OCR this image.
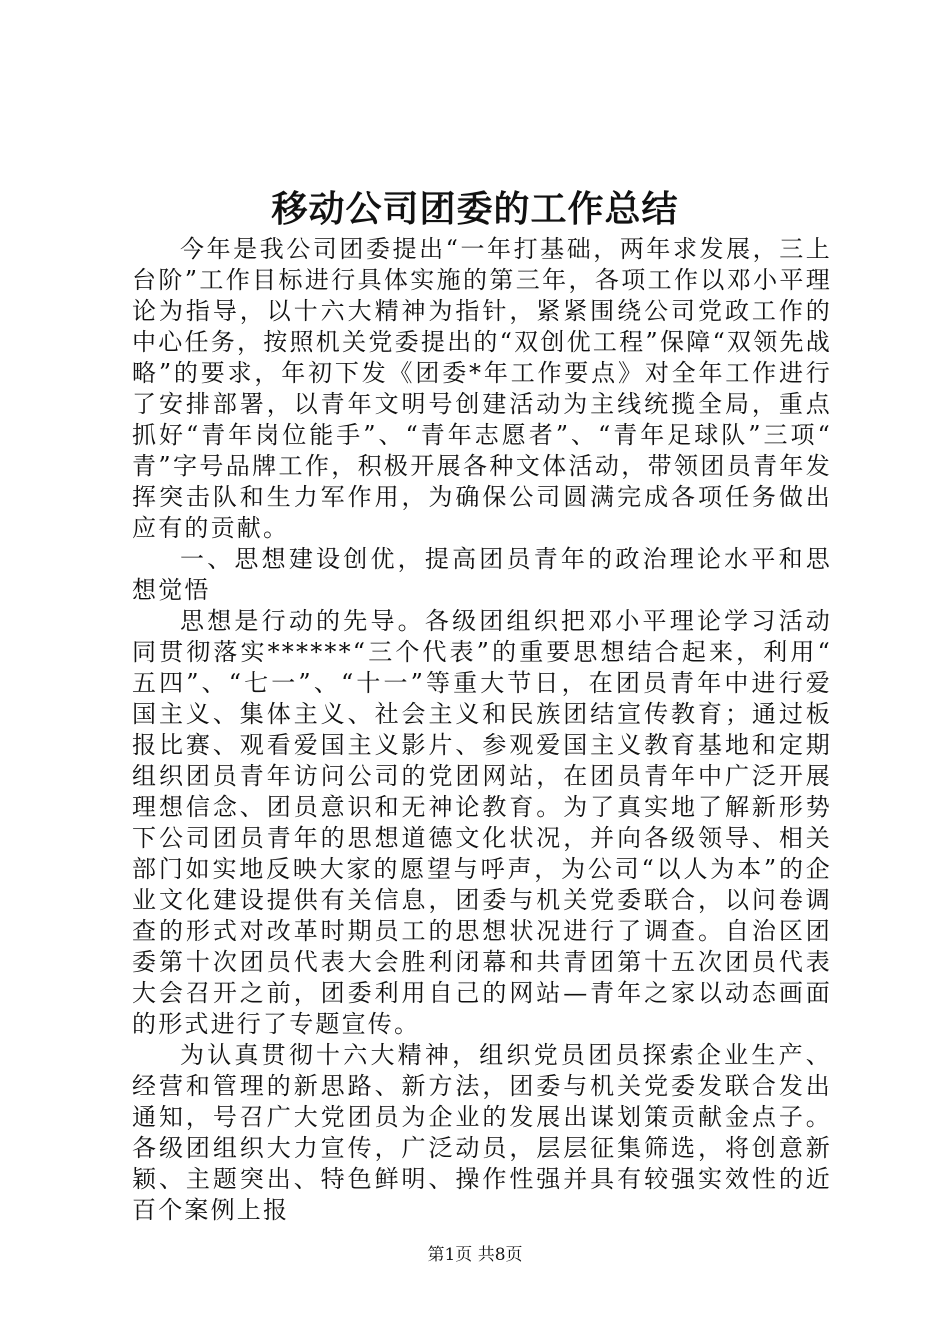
移动公司团委的工作总结

今年是我公司团委提出“一年打基础，两年求发展，三上台阶”工作目标进行具体实施的第三年，各项工作以邓小平理论为指导，以十六大精神为指针，紧紧围绕公司党政工作的中心任务，按照机关党委提出的“双创优工程”保障“双领先战略”的要求，年初下发《团委*年工作要点》对全年工作进行了安排部署，以青年文明号创建活动为主线统揽全局，重点抓好“青年岗位能手”、“青年志愿者”、“青年足球队”三项“青”字号品牌工作，积极开展各种文体活动，带领团员青年发挥突击队和生力军作用，为确保公司圆满完成各项任务做出应有的贡献。

一、思想建设创优，提高团员青年的政治理论水平和思想觉悟

思想是行动的先导。各级团组织把邓小平理论学习活动同贯彻落实******“三个代表”的重要思想结合起来，利用“五四”、“七一”、“十一”等重大节日，在团员青年中进行爱国主义、集体主义、社会主义和民族团结宣传教育；通过板报比赛、观看爱国主义影片、参观爱国主义教育基地和定期组织团员青年访问公司的党团网站，在团员青年中广泛开展理想信念、团员意识和无神论教育。为了真实地了解新形势下公司团员青年的思想道德文化状况，并向各级领导、相关部门如实地反映大家的愿望与呼声，为公司“以人为本”的企业文化建设提供有关信息，团委与机关党委联合，以问卷调查的形式对改革时期员工的思想状况进行了调查。自治区团委第十次团员代表大会胜利闭幕和共青团第十五次团员代表大会召开之前，团委利用自己的网站—青年之家以动态画面的形式进行了专题宣传。

为认真贯彻十六大精神，组织党员团员探索企业生产、经营和管理的新思路、新方法，团委与机关党委发联合发出通知，号召广大党团员为企业的发展出谋划策贡献金点子。各级团组织大力宣传，广泛动员，层层征集筛选，将创意新颖、主题突出、特色鲜明、操作性强并具有较强实效性的近百个案例上报

第1页 共8页
